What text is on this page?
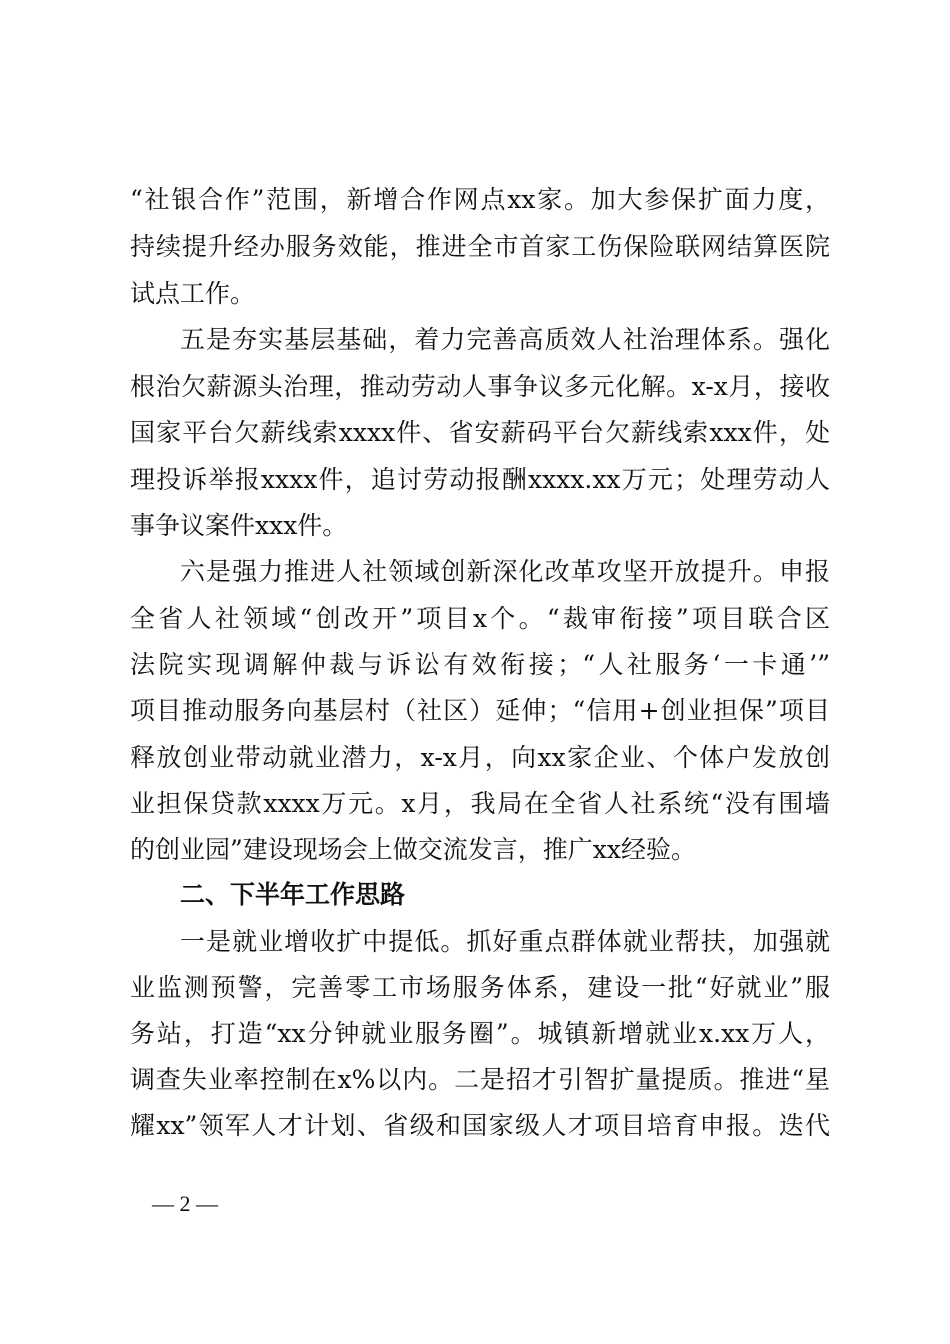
“社银合作”范围，新增合作网点xx家。加大参保扩面力度，
持续提升经办服务效能，推进全市首家工伤保险联网结算医院
试点工作。
五是夯实基层基础，着力完善高质效人社治理体系。强化
根治欠薪源头治理，推动劳动人事争议多元化解。x-x月，接收
国家平台欠薪线索xxxx件、省安薪码平台欠薪线索xxx件，处
理投诉举报xxxx件，追讨劳动报酬xxxx.xx万元；处理劳动人
事争议案件xxx件。
六是强力推进人社领域创新深化改革攻坚开放提升。申报
全省人社领域“创改开”项目x个。“裁审衔接”项目联合区
法院实现调解仲裁与诉讼有效衔接；“人社服务‘一卡通’”
项目推动服务向基层村（社区）延伸；“信用+创业担保”项目
释放创业带动就业潜力，x-x月，向xx家企业、个体户发放创
业担保贷款xxxx万元。x月，我局在全省人社系统“没有围墙
的创业园”建设现场会上做交流发言，推广xx经验。
二、下半年工作思路
一是就业增收扩中提低。抓好重点群体就业帮扶，加强就
业监测预警，完善零工市场服务体系，建设一批“好就业”服
务站，打造“xx分钟就业服务圈”。城镇新增就业x.xx万人，
调查失业率控制在x%以内。二是招才引智扩量提质。推进“星
耀xx”领军人才计划、省级和国家级人才项目培育申报。迭代
— 2 —
